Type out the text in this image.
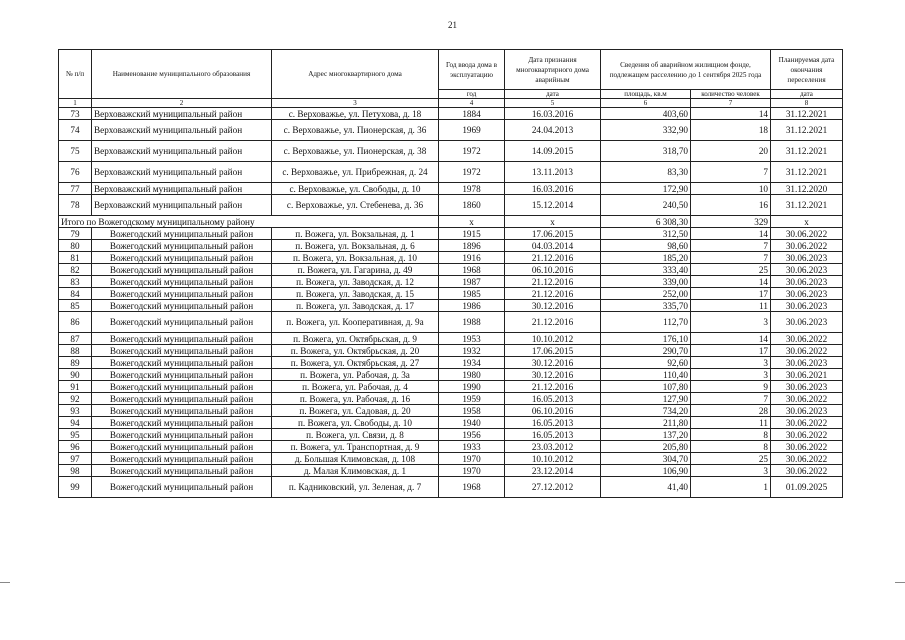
21
№ п/п	Наименование муниципального образования	Адрес многоквартирного дома	Год ввода дома в эксплуатацию	Дата признания многоквартирного дома аварийным	Сведения об аварийном жилищном фонде, подлежащем расселению до 1 сентября 2025 года		Планируемая дата окончания переселения
			год	дата	площадь, кв.м	количество человек	дата
1	2	3	4	5	6	7	8
73	Верховажский муниципальный район	с. Верховажье, ул. Петухова, д. 18	1884	16.03.2016	403,60	14	31.12.2021
74	Верховажский муниципальный район	с. Верховажье, ул. Пионерская, д. 36	1969	24.04.2013	332,90	18	31.12.2021
75	Верховажский муниципальный район	с. Верховажье, ул. Пионерская, д. 38	1972	14.09.2015	318,70	20	31.12.2021
76	Верховажский муниципальный район	с. Верховажье, ул. Прибрежная, д. 24	1972	13.11.2013	83,30	7	31.12.2021
77	Верховажский муниципальный район	с. Верховажье, ул. Свободы, д. 10	1978	16.03.2016	172,90	10	31.12.2020
78	Верховажский муниципальный район	с. Верховажье, ул. Стебенева, д. 36	1860	15.12.2014	240,50	16	31.12.2021
Итого по Вожегодскому муниципальному району			x	x	6 308,30	329	x
79	Вожегодский муниципальный район	п. Вожега, ул. Вокзальная, д. 1	1915	17.06.2015	312,50	14	30.06.2022
80	Вожегодский муниципальный район	п. Вожега, ул. Вокзальная, д. 6	1896	04.03.2014	98,60	7	30.06.2022
81	Вожегодский муниципальный район	п. Вожега, ул. Вокзальная, д. 10	1916	21.12.2016	185,20	7	30.06.2023
82	Вожегодский муниципальный район	п. Вожега, ул. Гагарина, д. 49	1968	06.10.2016	333,40	25	30.06.2023
83	Вожегодский муниципальный район	п. Вожега, ул. Заводская, д. 12	1987	21.12.2016	339,00	14	30.06.2023
84	Вожегодский муниципальный район	п. Вожега, ул. Заводская, д. 15	1985	21.12.2016	252,00	17	30.06.2023
85	Вожегодский муниципальный район	п. Вожега, ул. Заводская, д. 17	1986	30.12.2016	335,70	11	30.06.2023
86	Вожегодский муниципальный район	п. Вожега, ул. Кооперативная, д. 9а	1988	21.12.2016	112,70	3	30.06.2023
87	Вожегодский муниципальный район	п. Вожега, ул. Октябрьская, д. 9	1953	10.10.2012	176,10	14	30.06.2022
88	Вожегодский муниципальный район	п. Вожега, ул. Октябрьская, д. 20	1932	17.06.2015	290,70	17	30.06.2022
89	Вожегодский муниципальный район	п. Вожега, ул. Октябрьская, д. 27	1934	30.12.2016	92,60	3	30.06.2023
90	Вожегодский муниципальный район	п. Вожега, ул. Рабочая, д. 3а	1980	30.12.2016	110,40	3	30.06.2021
91	Вожегодский муниципальный район	п. Вожега, ул. Рабочая, д. 4	1990	21.12.2016	107,80	9	30.06.2023
92	Вожегодский муниципальный район	п. Вожега, ул. Рабочая, д. 16	1959	16.05.2013	127,90	7	30.06.2022
93	Вожегодский муниципальный район	п. Вожега, ул. Садовая, д. 20	1958	06.10.2016	734,20	28	30.06.2023
94	Вожегодский муниципальный район	п. Вожега, ул. Свободы, д. 10	1940	16.05.2013	211,80	11	30.06.2022
95	Вожегодский муниципальный район	п. Вожега, ул. Связи, д. 8	1956	16.05.2013	137,20	8	30.06.2022
96	Вожегодский муниципальный район	п. Вожега, ул. Транспортная, д. 9	1933	23.03.2012	205,80	8	30.06.2022
97	Вожегодский муниципальный район	д. Большая Климовская, д. 108	1970	10.10.2012	304,70	25	30.06.2022
98	Вожегодский муниципальный район	д. Малая Климовская, д. 1	1970	23.12.2014	106,90	3	30.06.2022
99	Вожегодский муниципальный район	п. Кадниковский, ул. Зеленая, д. 7	1968	27.12.2012	41,40	1	01.09.2025
